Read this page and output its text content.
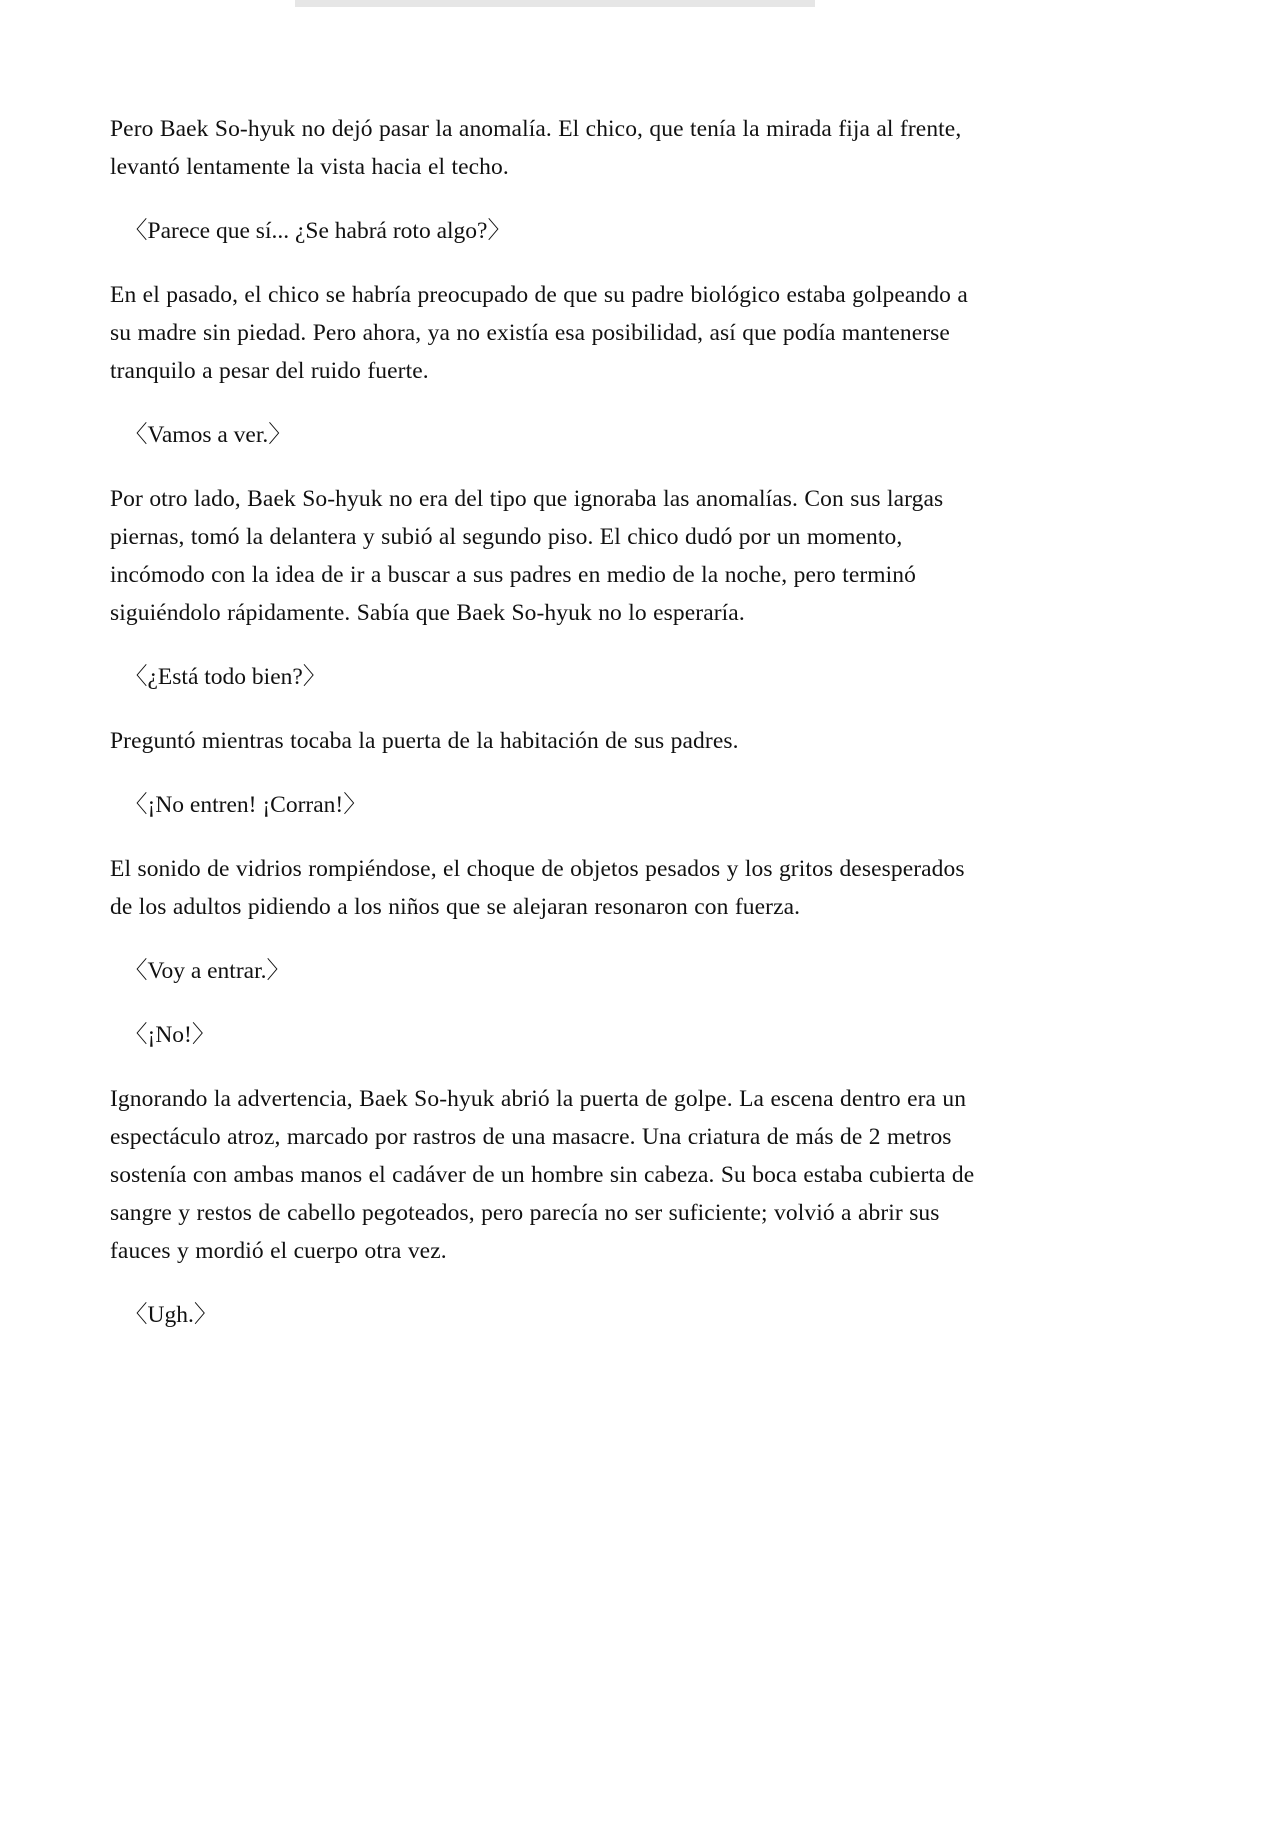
Pero Baek So-hyuk no dejó pasar la anomalía. El chico, que tenía la mirada fija al frente, levantó lentamente la vista hacia el techo.

〈Parece que sí... ¿Se habrá roto algo?〉

En el pasado, el chico se habría preocupado de que su padre biológico estaba golpeando a su madre sin piedad. Pero ahora, ya no existía esa posibilidad, así que podía mantenerse tranquilo a pesar del ruido fuerte.

〈Vamos a ver.〉

Por otro lado, Baek So-hyuk no era del tipo que ignoraba las anomalías. Con sus largas piernas, tomó la delantera y subió al segundo piso. El chico dudó por un momento, incómodo con la idea de ir a buscar a sus padres en medio de la noche, pero terminó siguiéndolo rápidamente. Sabía que Baek So-hyuk no lo esperaría.

〈¿Está todo bien?〉

Preguntó mientras tocaba la puerta de la habitación de sus padres.

〈¡No entren! ¡Corran!〉

El sonido de vidrios rompiéndose, el choque de objetos pesados y los gritos desesperados de los adultos pidiendo a los niños que se alejaran resonaron con fuerza.

〈Voy a entrar.〉

〈¡No!〉

Ignorando la advertencia, Baek So-hyuk abrió la puerta de golpe. La escena dentro era un espectáculo atroz, marcado por rastros de una masacre. Una criatura de más de 2 metros sostenía con ambas manos el cadáver de un hombre sin cabeza. Su boca estaba cubierta de sangre y restos de cabello pegoteados, pero parecía no ser suficiente; volvió a abrir sus fauces y mordió el cuerpo otra vez.

〈Ugh.〉
